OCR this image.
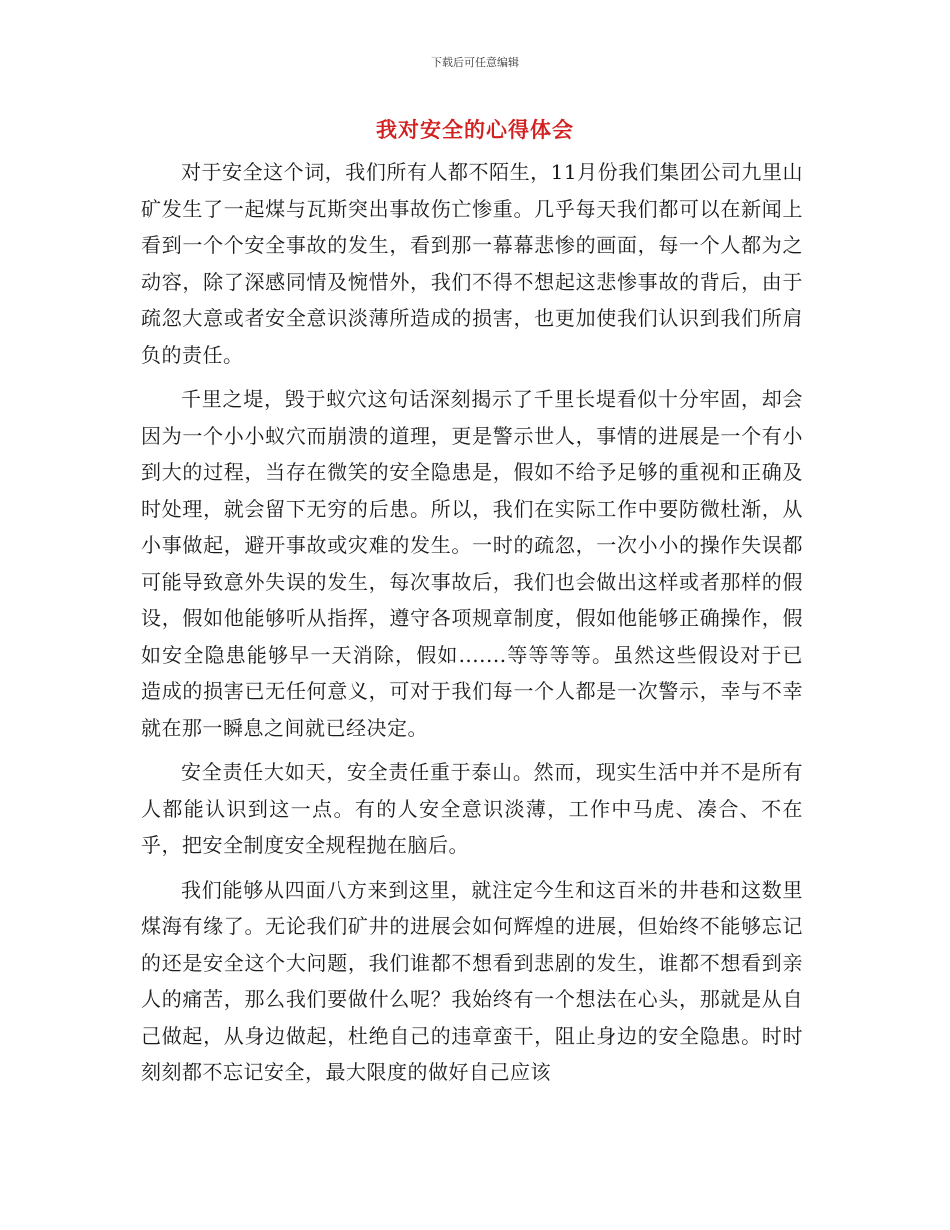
下载后可任意编辑
我对安全的心得体会

对于安全这个词，我们所有人都不陌生，11月份我们集团公司九里山矿发生了一起煤与瓦斯突出事故伤亡惨重。几乎每天我们都可以在新闻上看到一个个安全事故的发生，看到那一幕幕悲惨的画面，每一个人都为之动容，除了深感同情及惋惜外，我们不得不想起这悲惨事故的背后，由于疏忽大意或者安全意识淡薄所造成的损害，也更加使我们认识到我们所肩负的责任。

千里之堤，毁于蚁穴这句话深刻揭示了千里长堤看似十分牢固，却会因为一个小小蚁穴而崩溃的道理，更是警示世人，事情的进展是一个有小到大的过程，当存在微笑的安全隐患是，假如不给予足够的重视和正确及时处理，就会留下无穷的后患。所以，我们在实际工作中要防微杜渐，从小事做起，避开事故或灾难的发生。一时的疏忽，一次小小的操作失误都可能导致意外失误的发生，每次事故后，我们也会做出这样或者那样的假设，假如他能够听从指挥，遵守各项规章制度，假如他能够正确操作，假如安全隐患能够早一天消除，假如.......等等等等。虽然这些假设对于已造成的损害已无任何意义，可对于我们每一个人都是一次警示，幸与不幸就在那一瞬息之间就已经决定。

安全责任大如天，安全责任重于泰山。然而，现实生活中并不是所有人都能认识到这一点。有的人安全意识淡薄，工作中马虎、凑合、不在乎，把安全制度安全规程抛在脑后。

我们能够从四面八方来到这里，就注定今生和这百米的井巷和这数里煤海有缘了。无论我们矿井的进展会如何辉煌的进展，但始终不能够忘记的还是安全这个大问题，我们谁都不想看到悲剧的发生，谁都不想看到亲人的痛苦，那么我们要做什么呢？我始终有一个想法在心头，那就是从自己做起，从身边做起，杜绝自己的违章蛮干，阻止身边的安全隐患。时时刻刻都不忘记安全，最大限度的做好自己应该
